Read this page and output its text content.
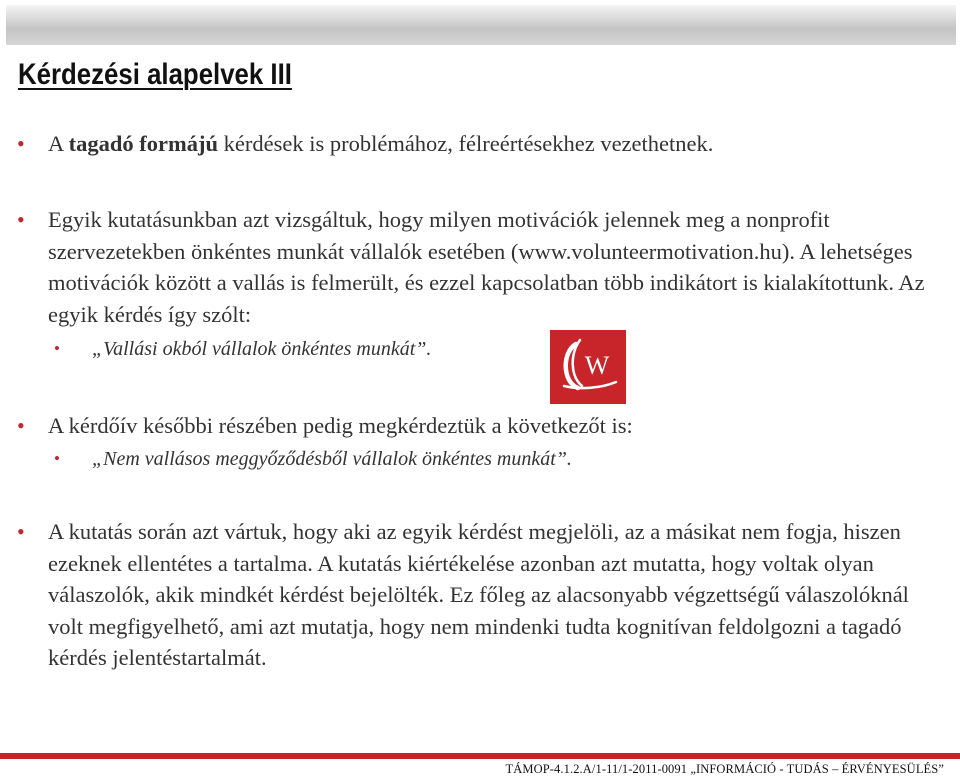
Kérdezési alapelvek III
• A tagadó formájú kérdések is problémához, félreértésekhez vezethetnek.
• Egyik kutatásunkban azt vizsgáltuk, hogy milyen motivációk jelennek meg a nonprofit szervezetekben önkéntes munkát vállalók esetében (www.volunteermotivation.hu). A lehetséges motivációk között a vallás is felmerült, és ezzel kapcsolatban több indikátort is kialakítottunk. Az egyik kérdés így szólt:
• „Vallási okból vállalok önkéntes munkát”.
W
• A kérdőív későbbi részében pedig megkérdeztük a következőt is:
• „Nem vallásos meggyőződésből vállalok önkéntes munkát”.
• A kutatás során azt vártuk, hogy aki az egyik kérdést megjelöli, az a másikat nem fogja, hiszen ezeknek ellentétes a tartalma. A kutatás kiértékelése azonban azt mutatta, hogy voltak olyan válaszolók, akik mindkét kérdést bejelölték. Ez főleg az alacsonyabb végzettségű válaszolóknál volt megfigyelhető, ami azt mutatja, hogy nem mindenki tudta kognitívan feldolgozni a tagadó kérdés jelentéstartalmát.
TÁMOP-4.1.2.A/1-11/1-2011-0091 „INFORMÁCIÓ - TUDÁS – ÉRVÉNYESÜLÉS”
